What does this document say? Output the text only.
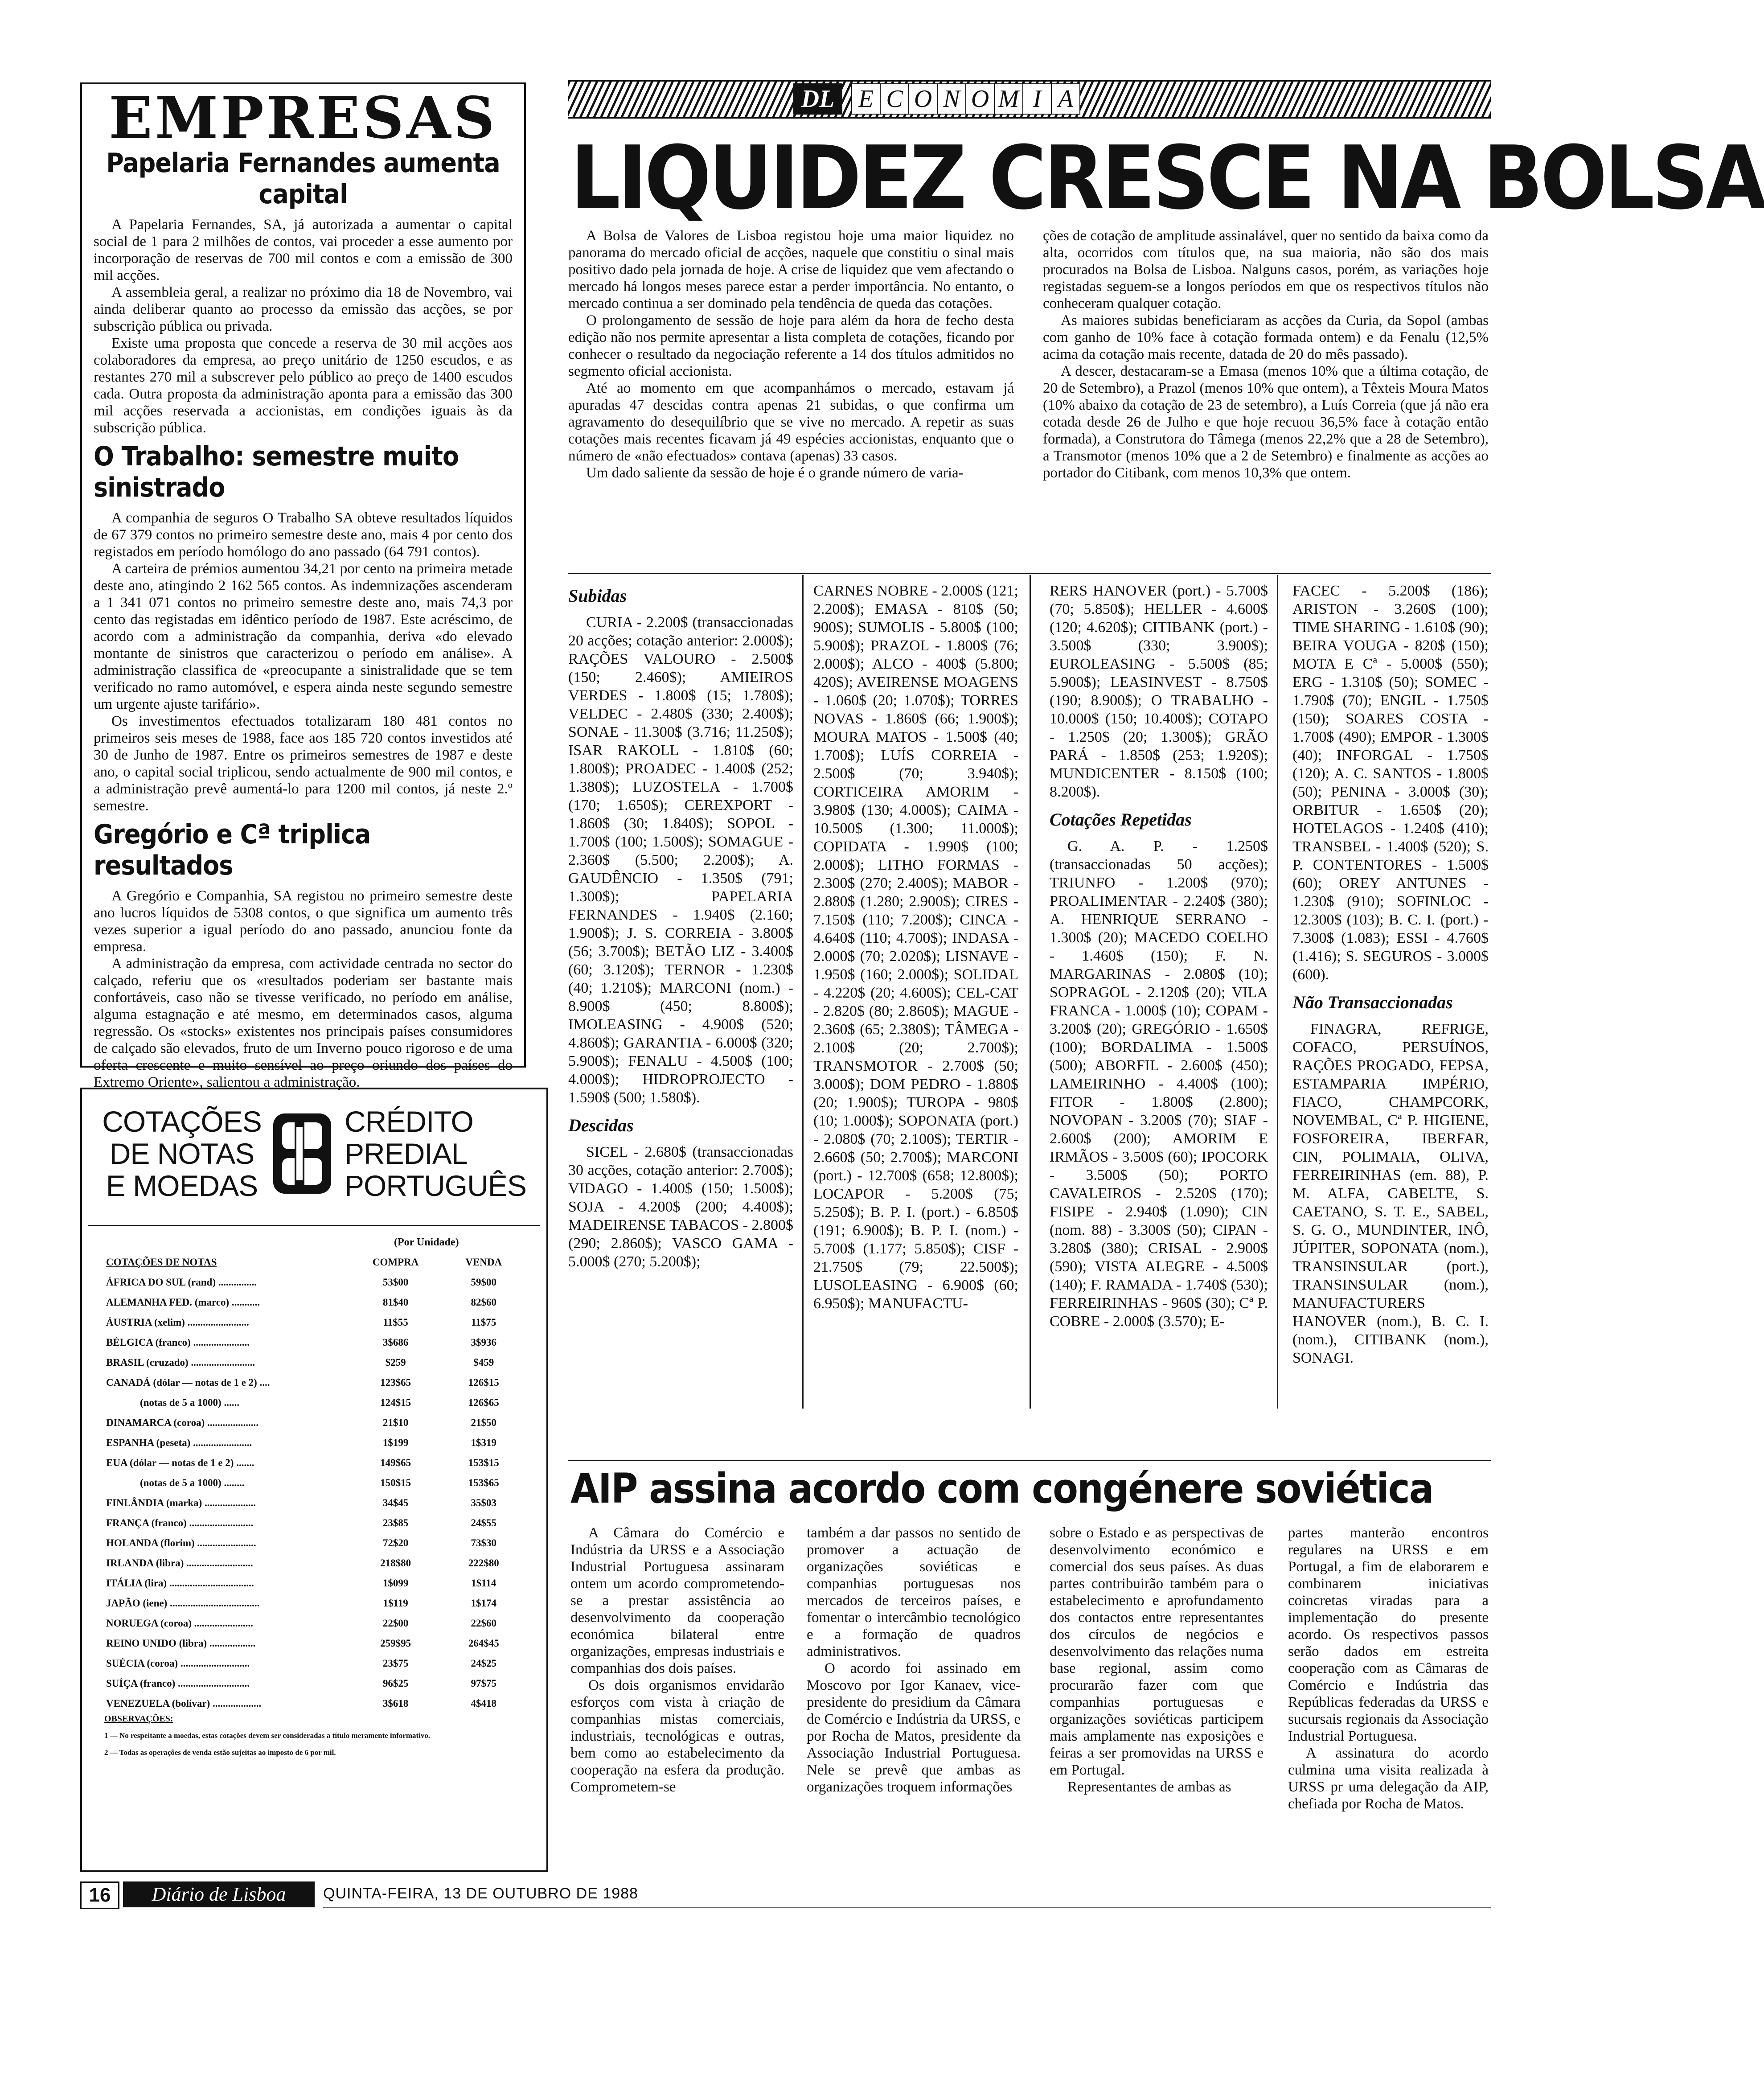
EMPRESAS
Papelaria Fernandes aumenta capital

A Papelaria Fernandes, SA, já autorizada a aumentar o capital social de 1 para 2 milhões de contos, vai proceder a esse aumento por incorporação de reservas de 700 mil contos e com a emissão de 300 mil acções.

A assembleia geral, a realizar no próximo dia 18 de Novembro, vai ainda deliberar quanto ao processo da emissão das acções, se por subscrição pública ou privada.

Existe uma proposta que concede a reserva de 30 mil acções aos colaboradores da empresa, ao preço unitário de 1250 escudos, e as restantes 270 mil a subscrever pelo público ao preço de 1400 escudos cada. Outra proposta da administração aponta para a emissão das 300 mil acções reservada a accionistas, em condições iguais às da subscrição pública.

O Trabalho: semestre muito sinistrado

A companhia de seguros O Trabalho SA obteve resultados líquidos de 67 379 contos no primeiro semestre deste ano, mais 4 por cento dos registados em período homólogo do ano passado (64 791 contos).

A carteira de prémios aumentou 34,21 por cento na primeira metade deste ano, atingindo 2 162 565 contos. As indemnizações ascenderam a 1 341 071 contos no primeiro semestre deste ano, mais 74,3 por cento das registadas em idêntico período de 1987. Este acréscimo, de acordo com a administração da companhia, deriva «do elevado montante de sinistros que caracterizou o período em análise». A administração classifica de «preocupante a sinistralidade que se tem verificado no ramo automóvel, e espera ainda neste segundo semestre um urgente ajuste tarifário».

Os investimentos efectuados totalizaram 180 481 contos no primeiros seis meses de 1988, face aos 185 720 contos investidos até 30 de Junho de 1987. Entre os primeiros semestres de 1987 e deste ano, o capital social triplicou, sendo actualmente de 900 mil contos, e a administração prevê aumentá-lo para 1200 mil contos, já neste 2.º semestre.

Gregório e Cª triplica resultados

A Gregório e Companhia, SA registou no primeiro semestre deste ano lucros líquidos de 5308 contos, o que significa um aumento três vezes superior a igual período do ano passado, anunciou fonte da empresa.

A administração da empresa, com actividade centrada no sector do calçado, referiu que os «resultados poderiam ser bastante mais confortáveis, caso não se tivesse verificado, no período em análise, alguma estagnação e até mesmo, em determinados casos, alguma regressão. Os «stocks» existentes nos principais países consumidores de calçado são elevados, fruto de um Inverno pouco rigoroso e de uma oferta crescente e muito sensível ao preço oriundo dos países do Extremo Oriente», salientou a administração.

COTAÇÕES
DE NOTAS
E MOEDAS
CRÉDITO
PREDIAL
PORTUGUÊS
(Por Unidade)
COTAÇÕES DE NOTAS	COMPRA	VENDA
ÁFRICA DO SUL (rand) ...............	53$00	59$00
ALEMANHA FED. (marco) ...........	81$40	82$60
ÁUSTRIA (xelim) ........................	11$55	11$75
BÉLGICA (franco) ......................	3$686	3$936
BRASIL (cruzado) .........................	$259	$459
CANADÁ (dólar — notas de 1 e 2) ....	123$65	126$15
(notas de 5 a 1000) ......	124$15	126$65
DINAMARCA (coroa) ....................	21$10	21$50
ESPANHA (peseta) .......................	1$199	1$319
EUA (dólar — notas de 1 e 2) .......	149$65	153$15
(notas de 5 a 1000) ........	150$15	153$65
FINLÂNDIA (marka) ....................	34$45	35$03
FRANÇA (franco) .........................	23$85	24$55
HOLANDA (florim) .......................	72$20	73$30
IRLANDA (libra) ..........................	218$80	222$80
ITÁLIA (lira) .................................	1$099	1$114
JAPÃO (iene) ...................................	1$119	1$174
NORUEGA (coroa) .......................	22$00	22$60
REINO UNIDO (libra) ..................	259$95	264$45
SUÉCIA (coroa) ...........................	23$75	24$25
SUÍÇA (franco) ............................	96$25	97$75
VENEZUELA (bolívar) ...................	3$618	4$418
OBSERVAÇÕES:
1 — No respeitante a moedas, estas cotações devem ser consideradas a título meramente informativo.
2 — Todas as operações de venda estão sujeitas ao imposto de 6 por mil.
DL E C O N O M I A
LIQUIDEZ CRESCE NA BOLSA

A Bolsa de Valores de Lisboa registou hoje uma maior liquidez no panorama do mercado oficial de acções, naquele que constitiu o sinal mais positivo dado pela jornada de hoje. A crise de liquidez que vem afectando o mercado há longos meses parece estar a perder importância. No entanto, o mercado continua a ser dominado pela tendência de queda das cotações.

O prolongamento de sessão de hoje para além da hora de fecho desta edição não nos permite apresentar a lista completa de cotações, ficando por conhecer o resultado da negociação referente a 14 dos títulos admitidos no segmento oficial accionista.

Até ao momento em que acompanhámos o mercado, estavam já apuradas 47 descidas contra apenas 21 subidas, o que confirma um agravamento do desequilíbrio que se vive no mercado. A repetir as suas cotações mais recentes ficavam já 49 espécies accionistas, enquanto que o número de «não efectuados» contava (apenas) 33 casos.

Um dado saliente da sessão de hoje é o grande número de varia-

ções de cotação de amplitude assinalável, quer no sentido da baixa como da alta, ocorridos com títulos que, na sua maioria, não são dos mais procurados na Bolsa de Lisboa. Nalguns casos, porém, as variações hoje registadas seguem-se a longos períodos em que os respectivos títulos não conheceram qualquer cotação.

As maiores subidas beneficiaram as acções da Curia, da Sopol (ambas com ganho de 10% face à cotação formada ontem) e da Fenalu (12,5% acima da cotação mais recente, datada de 20 do mês passado).

A descer, destacaram-se a Emasa (menos 10% que a última cotação, de 20 de Setembro), a Prazol (menos 10% que ontem), a Têxteis Moura Matos (10% abaixo da cotação de 23 de setembro), a Luís Correia (que já não era cotada desde 26 de Julho e que hoje recuou 36,5% face à cotação então formada), a Construtora do Tâmega (menos 22,2% que a 28 de Setembro), a Transmotor (menos 10% que a 2 de Setembro) e finalmente as acções ao portador do Citibank, com menos 10,3% que ontem.

Subidas

CURIA - 2.200$ (transaccionadas 20 acções; cotação anterior: 2.000$); RAÇÕES VALOURO - 2.500$ (150; 2.460$); AMIEIROS VERDES - 1.800$ (15; 1.780$); VELDEC - 2.480$ (330; 2.400$); SONAE - 11.300$ (3.716; 11.250$); ISAR RAKOLL - 1.810$ (60; 1.800$); PROADEC - 1.400$ (252; 1.380$); LUZOSTELA - 1.700$ (170; 1.650$); CEREXPORT - 1.860$ (30; 1.840$); SOPOL - 1.700$ (100; 1.500$); SOMAGUE - 2.360$ (5.500; 2.200$); A. GAUDÊNCIO - 1.350$ (791; 1.300$); PAPELARIA FERNANDES - 1.940$ (2.160; 1.900$); J. S. CORREIA - 3.800$ (56; 3.700$); BETÃO LIZ - 3.400$ (60; 3.120$); TERNOR - 1.230$ (40; 1.210$); MARCONI (nom.) - 8.900$ (450; 8.800$); IMOLEASING - 4.900$ (520; 4.860$); GARANTIA - 6.000$ (320; 5.900$); FENALU - 4.500$ (100; 4.000$); HIDROPROJECTO - 1.590$ (500; 1.580$).

Descidas

SICEL - 2.680$ (transaccionadas 30 acções, cotação anterior: 2.700$); VIDAGO - 1.400$ (150; 1.500$); SOJA - 4.200$ (200; 4.400$); MADEIRENSE TABACOS - 2.800$ (290; 2.860$); VASCO GAMA - 5.000$ (270; 5.200$);

CARNES NOBRE - 2.000$ (121; 2.200$); EMASA - 810$ (50; 900$); SUMOLIS - 5.800$ (100; 5.900$); PRAZOL - 1.800$ (76; 2.000$); ALCO - 400$ (5.800; 420$); AVEIRENSE MOAGENS - 1.060$ (20; 1.070$); TORRES NOVAS - 1.860$ (66; 1.900$); MOURA MATOS - 1.500$ (40; 1.700$); LUÍS CORREIA - 2.500$ (70; 3.940$); CORTICEIRA AMORIM - 3.980$ (130; 4.000$); CAIMA - 10.500$ (1.300; 11.000$); COPIDATA - 1.990$ (100; 2.000$); LITHO FORMAS - 2.300$ (270; 2.400$); MABOR - 2.880$ (1.280; 2.900$); CIRES - 7.150$ (110; 7.200$); CINCA - 4.640$ (110; 4.700$); INDASA - 2.000$ (70; 2.020$); LISNAVE - 1.950$ (160; 2.000$); SOLIDAL - 4.220$ (20; 4.600$); CEL-CAT - 2.820$ (80; 2.860$); MAGUE - 2.360$ (65; 2.380$); TÂMEGA - 2.100$ (20; 2.700$); TRANSMOTOR - 2.700$ (50; 3.000$); DOM PEDRO - 1.880$ (20; 1.900$); TUROPA - 980$ (10; 1.000$); SOPONATA (port.) - 2.080$ (70; 2.100$); TERTIR - 2.660$ (50; 2.700$); MARCONI (port.) - 12.700$ (658; 12.800$); LOCAPOR - 5.200$ (75; 5.250$); B. P. I. (port.) - 6.850$ (191; 6.900$); B. P. I. (nom.) - 5.700$ (1.177; 5.850$); CISF - 21.750$ (79; 22.500$); LUSOLEASING - 6.900$ (60; 6.950$); MANUFACTU-

RERS HANOVER (port.) - 5.700$ (70; 5.850$); HELLER - 4.600$ (120; 4.620$); CITIBANK (port.) - 3.500$ (330; 3.900$); EUROLEASING - 5.500$ (85; 5.900$); LEASINVEST - 8.750$ (190; 8.900$); O TRABALHO - 10.000$ (150; 10.400$); COTAPO - 1.250$ (20; 1.300$); GRÃO PARÁ - 1.850$ (253; 1.920$); MUNDICENTER - 8.150$ (100; 8.200$).

Cotações Repetidas

G. A. P. - 1.250$ (transaccionadas 50 acções); TRIUNFO - 1.200$ (970); PROALIMENTAR - 2.240$ (380); A. HENRIQUE SERRANO - 1.300$ (20); MACEDO COELHO - 1.460$ (150); F. N. MARGARINAS - 2.080$ (10); SOPRAGOL - 2.120$ (20); VILA FRANCA - 1.000$ (10); COPAM - 3.200$ (20); GREGÓRIO - 1.650$ (100); BORDALIMA - 1.500$ (500); ABORFIL - 2.600$ (450); LAMEIRINHO - 4.400$ (100); FITOR - 1.800$ (2.800); NOVOPAN - 3.200$ (70); SIAF - 2.600$ (200); AMORIM E IRMÃOS - 3.500$ (60); IPOCORK - 3.500$ (50); PORTO CAVALEIROS - 2.520$ (170); FISIPE - 2.940$ (1.090); CIN (nom. 88) - 3.300$ (50); CIPAN - 3.280$ (380); CRISAL - 2.900$ (590); VISTA ALEGRE - 4.500$ (140); F. RAMADA - 1.740$ (530); FERREIRINHAS - 960$ (30); Cª P. COBRE - 2.000$ (3.570); E-

FACEC - 5.200$ (186); ARISTON - 3.260$ (100); TIME SHARING - 1.610$ (90); BEIRA VOUGA - 820$ (150); MOTA E Cª - 5.000$ (550); ERG - 1.310$ (50); SOMEC - 1.790$ (70); ENGIL - 1.750$ (150); SOARES COSTA - 1.700$ (490); EMPOR - 1.300$ (40); INFORGAL - 1.750$ (120); A. C. SANTOS - 1.800$ (50); PENINA - 3.000$ (30); ORBITUR - 1.650$ (20); HOTELAGOS - 1.240$ (410); TRANSBEL - 1.400$ (520); S. P. CONTENTORES - 1.500$ (60); OREY ANTUNES - 1.230$ (910); SOFINLOC - 12.300$ (103); B. C. I. (port.) - 7.300$ (1.083); ESSI - 4.760$ (1.416); S. SEGUROS - 3.000$ (600).

Não Transaccionadas

FINAGRA, REFRIGE, COFACO, PERSUÍNOS, RAÇÕES PROGADO, FEPSA, ESTAMPARIA IMPÉRIO, FIACO, CHAMPCORK, NOVEMBAL, Cª P. HIGIENE, FOSFOREIRA, IBERFAR, CIN, POLIMAIA, OLIVA, FERREIRINHAS (em. 88), P. M. ALFA, CABELTE, S. CAETANO, S. T. E., SABEL, S. G. O., MUNDINTER, INÔ, JÚPITER, SOPONATA (nom.), TRANSINSULAR (port.), TRANSINSULAR (nom.), MANUFACTURERS HANOVER (nom.), B. C. I. (nom.), CITIBANK (nom.), SONAGI.

AIP assina acordo com congénere soviética

A Câmara do Comércio e Indústria da URSS e a Associação Industrial Portuguesa assinaram ontem um acordo comprometendo-se a prestar assistência ao desenvolvimento da cooperação económica bilateral entre organizações, empresas industriais e companhias dos dois países.

Os dois organismos envidarão esforços com vista à criação de companhias mistas comerciais, industriais, tecnológicas e outras, bem como ao estabelecimento da cooperação na esfera da produção. Comprometem-se

também a dar passos no sentido de promover a actuação de organizações soviéticas e companhias portuguesas nos mercados de terceiros países, e fomentar o intercâmbio tecnológico e a formação de quadros administrativos.

O acordo foi assinado em Moscovo por Igor Kanaev, vice-presidente do presidium da Câmara de Comércio e Indústria da URSS, e por Rocha de Matos, presidente da Associação Industrial Portuguesa. Nele se prevê que ambas as organizações troquem informações

sobre o Estado e as perspectivas de desenvolvimento económico e comercial dos seus países. As duas partes contribuirão também para o estabelecimento e aprofundamento dos contactos entre representantes dos círculos de negócios e desenvolvimento das relações numa base regional, assim como procurarão fazer com que companhias portuguesas e organizações soviéticas participem mais amplamente nas exposições e feiras a ser promovidas na URSS e em Portugal.

Representantes de ambas as

partes manterão encontros regulares na URSS e em Portugal, a fim de elaborarem e combinarem iniciativas coincretas viradas para a implementação do presente acordo. Os respectivos passos serão dados em estreita cooperação com as Câmaras de Comércio e Indústria das Repúblicas federadas da URSS e sucursais regionais da Associação Industrial Portuguesa.

A assinatura do acordo culmina uma visita realizada à URSS pr uma delegação da AIP, chefiada por Rocha de Matos.

16	Diário de Lisboa	QUINTA-FEIRA, 13 DE OUTUBRO DE 1988
